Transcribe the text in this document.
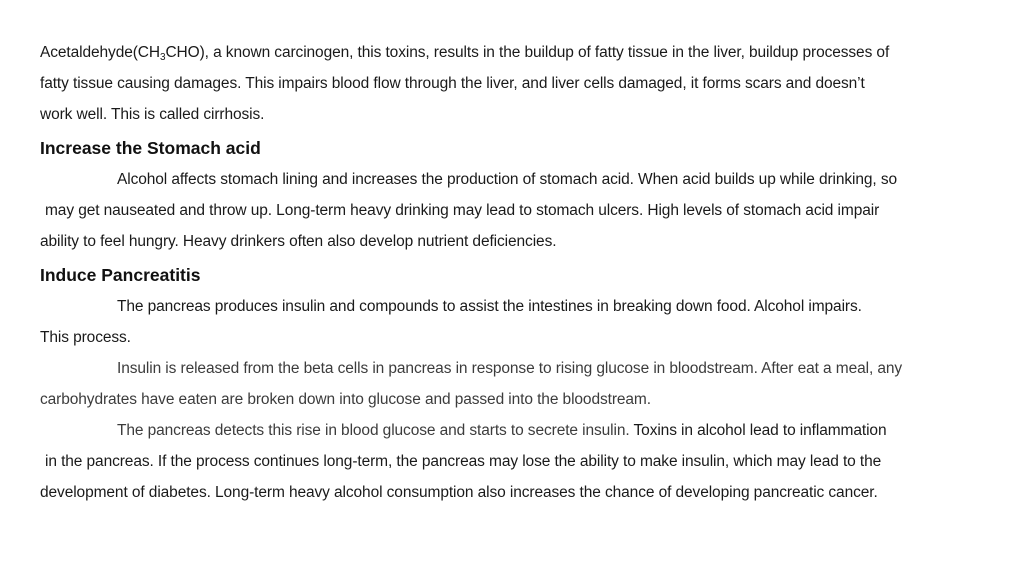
$Acetaldehyde(CH_3CHO)$, a known carcinogen, this toxins, results in the buildup of fatty tissue in the liver, buildup processes of
fatty tissue causing damages. This impairs blood flow through the liver, and liver cells damaged, it forms scars and doesn’t
work well. This is called cirrhosis.
Increase the Stomach acid
Alcohol affects stomach lining and increases the production of stomach acid. When acid builds up while drinking, so
may get nauseated and throw up. Long-term heavy drinking may lead to stomach ulcers. High levels of stomach acid impair
ability to feel hungry. Heavy drinkers often also develop nutrient deficiencies.
Induce Pancreatitis
The pancreas produces insulin and compounds to assist the intestines in breaking down food. Alcohol impairs.
This process.
Insulin is released from the beta cells in pancreas in response to rising glucose in bloodstream. After eat a meal, any
carbohydrates have eaten are broken down into glucose and passed into the bloodstream.
The pancreas detects this rise in blood glucose and starts to secrete insulin. Toxins in alcohol lead to inflammation
in the pancreas. If the process continues long-term, the pancreas may lose the ability to make insulin, which may lead to the
development of diabetes. Long-term heavy alcohol consumption also increases the chance of developing pancreatic cancer.
